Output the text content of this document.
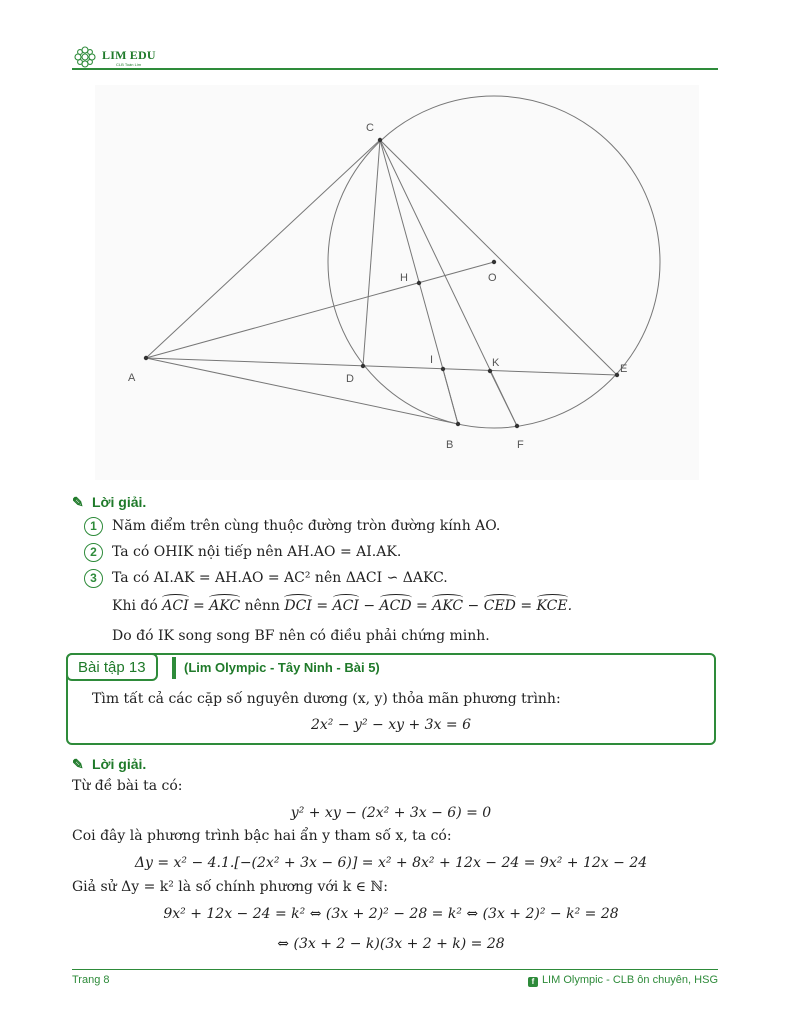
LIM EDU
CLB Toán Lim
A
C
O
H
D
I	K	E
B	F
✎ Lời giải.
1	Năm điểm trên cùng thuộc đường tròn đường kính AO.
2	Ta có OHIK nội tiếp nên AH.AO = AI.AK.
3	Ta có AI.AK = AH.AO = AC² nên ΔACI ∽ ΔAKC.
Khi đó ACI = AKC nênn DCI = ACI − ACD = AKC − CED = KCE.
Do đó IK song song BF nên có điều phải chứng minh.
Bài tập 13	(Lim Olympic - Tây Ninh - Bài 5)
Tìm tất cả các cặp số nguyên dương (x, y) thỏa mãn phương trình:
2x² − y² − xy + 3x = 6
✎ Lời giải.
Từ đề bài ta có:
y² + xy − (2x² + 3x − 6) = 0
Coi đây là phương trình bậc hai ẩn y tham số x, ta có:
Δy = x² − 4.1.[−(2x² + 3x − 6)] = x² + 8x² + 12x − 24 = 9x² + 12x − 24
Giả sử Δy = k² là số chính phương với k ∈ ℕ:
9x² + 12x − 24 = k² ⇔ (3x + 2)² − 28 = k² ⇔ (3x + 2)² − k² = 28
⇔ (3x + 2 − k)(3x + 2 + k) = 28
Trang 8	f LIM Olympic - CLB ôn chuyên, HSG
